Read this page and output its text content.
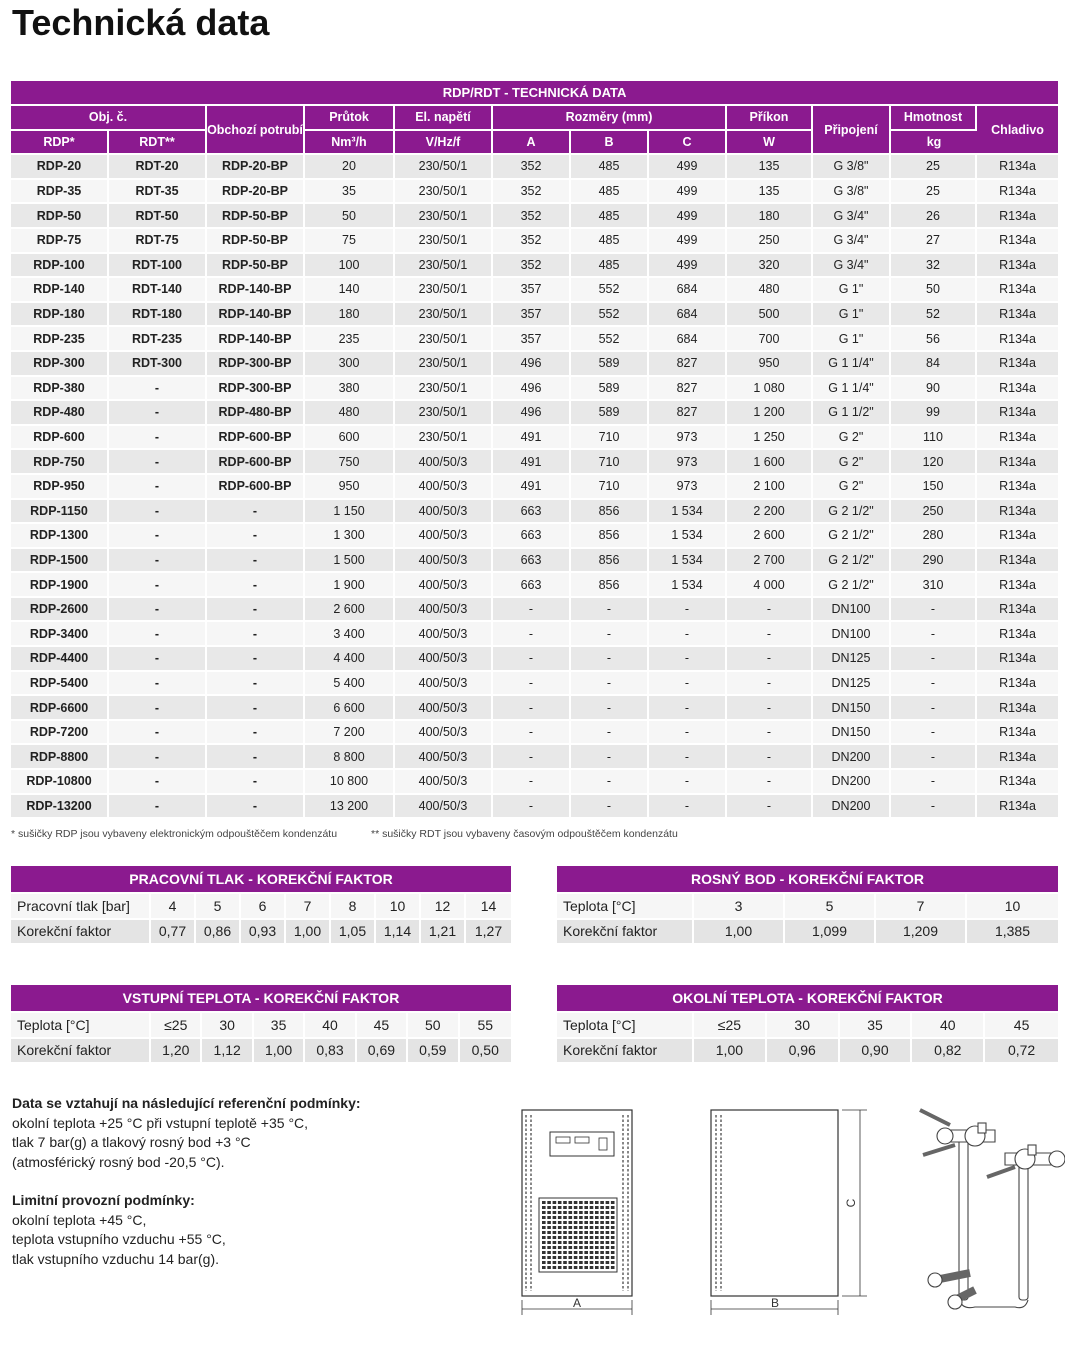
Technická data
RDP/RDT - TECHNICKÁ DATA											
Obj. č.		Obchozí potrubí	Průtok	El. napětí	Rozměry (mm)			Příkon	Připojení	Hmotnost	Chladivo
RDP*	RDT**		Nm³/h	V/Hz/f	A	B	C	W		kg	
RDP-20	RDT-20	RDP-20-BP	20	230/50/1	352	485	499	135	G 3/8"	25	R134a
RDP-35	RDT-35	RDP-20-BP	35	230/50/1	352	485	499	135	G 3/8"	25	R134a
RDP-50	RDT-50	RDP-50-BP	50	230/50/1	352	485	499	180	G 3/4"	26	R134a
RDP-75	RDT-75	RDP-50-BP	75	230/50/1	352	485	499	250	G 3/4"	27	R134a
RDP-100	RDT-100	RDP-50-BP	100	230/50/1	352	485	499	320	G 3/4"	32	R134a
RDP-140	RDT-140	RDP-140-BP	140	230/50/1	357	552	684	480	G 1"	50	R134a
RDP-180	RDT-180	RDP-140-BP	180	230/50/1	357	552	684	500	G 1"	52	R134a
RDP-235	RDT-235	RDP-140-BP	235	230/50/1	357	552	684	700	G 1"	56	R134a
RDP-300	RDT-300	RDP-300-BP	300	230/50/1	496	589	827	950	G 1 1/4"	84	R134a
RDP-380	-	RDP-300-BP	380	230/50/1	496	589	827	1 080	G 1 1/4"	90	R134a
RDP-480	-	RDP-480-BP	480	230/50/1	496	589	827	1 200	G 1 1/2"	99	R134a
RDP-600	-	RDP-600-BP	600	230/50/1	491	710	973	1 250	G 2"	110	R134a
RDP-750	-	RDP-600-BP	750	400/50/3	491	710	973	1 600	G 2"	120	R134a
RDP-950	-	RDP-600-BP	950	400/50/3	491	710	973	2 100	G 2"	150	R134a
RDP-1150	-	-	1 150	400/50/3	663	856	1 534	2 200	G 2 1/2"	250	R134a
RDP-1300	-	-	1 300	400/50/3	663	856	1 534	2 600	G 2 1/2"	280	R134a
RDP-1500	-	-	1 500	400/50/3	663	856	1 534	2 700	G 2 1/2"	290	R134a
RDP-1900	-	-	1 900	400/50/3	663	856	1 534	4 000	G 2 1/2"	310	R134a
RDP-2600	-	-	2 600	400/50/3	-	-	-	-	DN100	-	R134a
RDP-3400	-	-	3 400	400/50/3	-	-	-	-	DN100	-	R134a
RDP-4400	-	-	4 400	400/50/3	-	-	-	-	DN125	-	R134a
RDP-5400	-	-	5 400	400/50/3	-	-	-	-	DN125	-	R134a
RDP-6600	-	-	6 600	400/50/3	-	-	-	-	DN150	-	R134a
RDP-7200	-	-	7 200	400/50/3	-	-	-	-	DN150	-	R134a
RDP-8800	-	-	8 800	400/50/3	-	-	-	-	DN200	-	R134a
RDP-10800	-	-	10 800	400/50/3	-	-	-	-	DN200	-	R134a
RDP-13200	-	-	13 200	400/50/3	-	-	-	-	DN200	-	R134a
* sušičky RDP jsou vybaveny elektronickým odpouštěčem kondenzátu	** sušičky RDT jsou vybaveny časovým odpouštěčem kondenzátu
PRACOVNÍ TLAK - KOREKČNÍ FAKTOR
Pracovní tlak [bar]	4	5	6	7	8	10	12	14
Korekční faktor	0,77	0,86	0,93	1,00	1,05	1,14	1,21	1,27
ROSNÝ BOD - KOREKČNÍ FAKTOR
Teplota [°C]	3	5	7	10
Korekční faktor	1,00	1,099	1,209	1,385
VSTUPNÍ TEPLOTA - KOREKČNÍ FAKTOR
Teplota [°C]	≤25	30	35	40	45	50	55
Korekční faktor	1,20	1,12	1,00	0,83	0,69	0,59	0,50
OKOLNÍ TEPLOTA - KOREKČNÍ FAKTOR
Teplota [°C]	≤25	30	35	40	45
Korekční faktor	1,00	0,96	0,90	0,82	0,72
Data se vztahují na následující referenční podmínky:
okolní teplota +25 °C při vstupní teplotě +35 °C,
tlak 7 bar(g) a tlakový rosný bod +3 °C
(atmosférický rosný bod -20,5 °C).
Limitní provozní podmínky:
okolní teplota +45 °C,
teplota vstupního vzduchu +55 °C,
tlak vstupního vzduchu 14 bar(g).
A
C
B
